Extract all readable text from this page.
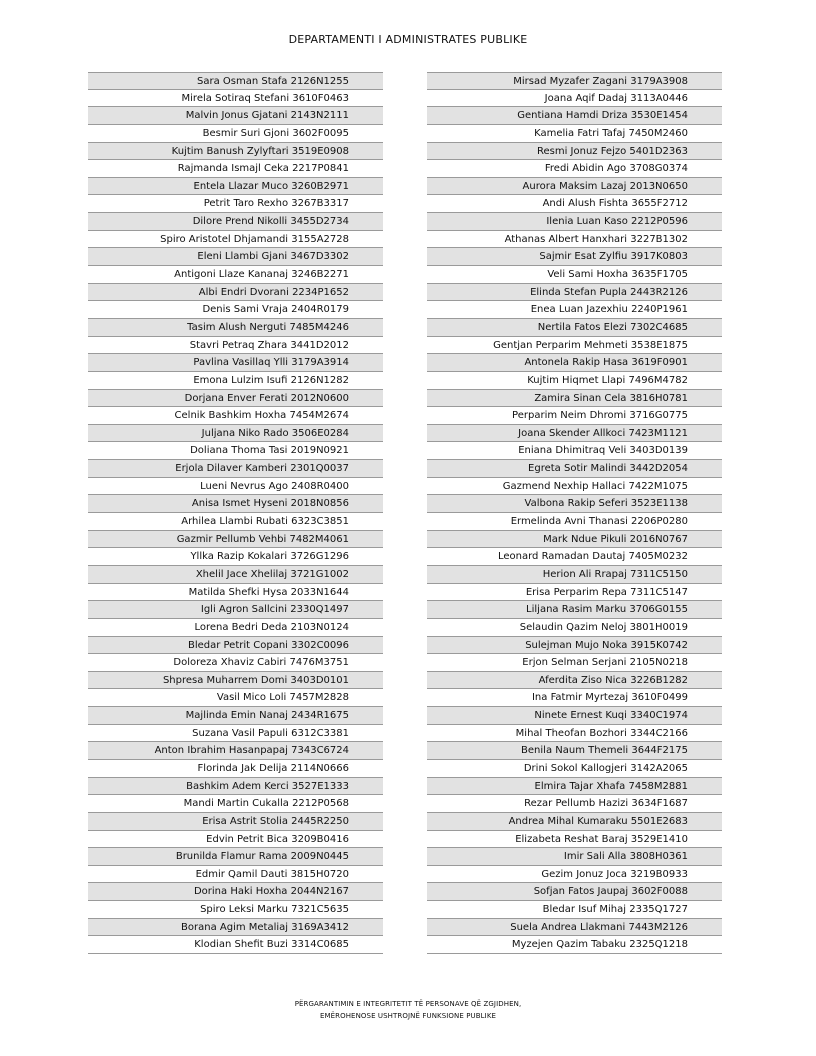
DEPARTAMENTI I ADMINISTRATES PUBLIKE
Sara Osman Stafa 2126N1255
Mirela Sotiraq Stefani 3610F0463
Malvin Jonus Gjatani 2143N2111
Besmir Suri Gjoni 3602F0095
Kujtim Banush Zylyftari 3519E0908
Rajmanda Ismajl Ceka 2217P0841
Entela Llazar Muco 3260B2971
Petrit Taro Rexho 3267B3317
Dilore Prend Nikolli 3455D2734
Spiro Aristotel Dhjamandi 3155A2728
Eleni Llambi Gjani 3467D3302
Antigoni Llaze Kananaj 3246B2271
Albi Endri Dvorani 2234P1652
Denis Sami Vraja 2404R0179
Tasim Alush Nerguti 7485M4246
Stavri Petraq Zhara 3441D2012
Pavlina Vasillaq Ylli 3179A3914
Emona Lulzim Isufi 2126N1282
Dorjana Enver Ferati 2012N0600
Celnik Bashkim Hoxha 7454M2674
Juljana Niko Rado 3506E0284
Doliana Thoma Tasi 2019N0921
Erjola Dilaver Kamberi 2301Q0037
Lueni Nevrus Ago 2408R0400
Anisa Ismet Hyseni 2018N0856
Arhilea Llambi Rubati 6323C3851
Gazmir Pellumb Vehbi 7482M4061
Yllka Razip Kokalari 3726G1296
Xhelil Jace Xhelilaj 3721G1002
Matilda Shefki Hysa 2033N1644
Igli Agron Sallcini 2330Q1497
Lorena Bedri Deda 2103N0124
Bledar Petrit Copani 3302C0096
Doloreza Xhaviz Cabiri 7476M3751
Shpresa Muharrem Domi 3403D0101
Vasil Mico Loli 7457M2828
Majlinda Emin Nanaj 2434R1675
Suzana Vasil Papuli 6312C3381
Anton Ibrahim Hasanpapaj 7343C6724
Florinda Jak Delija 2114N0666
Bashkim Adem Kerci 3527E1333
Mandi Martin Cukalla 2212P0568
Erisa Astrit Stolia 2445R2250
Edvin Petrit Bica 3209B0416
Brunilda Flamur Rama 2009N0445
Edmir Qamil Dauti 3815H0720
Dorina Haki Hoxha 2044N2167
Spiro Leksi Marku 7321C5635
Borana Agim Metaliaj 3169A3412
Klodian Shefit Buzi 3314C0685
Mirsad Myzafer Zagani 3179A3908
Joana Aqif Dadaj 3113A0446
Gentiana Hamdi Driza 3530E1454
Kamelia Fatri Tafaj 7450M2460
Resmi Jonuz Fejzo 5401D2363
Fredi Abidin Ago 3708G0374
Aurora Maksim Lazaj 2013N0650
Andi Alush Fishta 3655F2712
Ilenia Luan Kaso 2212P0596
Athanas Albert Hanxhari 3227B1302
Sajmir Esat Zylfiu 3917K0803
Veli Sami Hoxha 3635F1705
Elinda Stefan Pupla 2443R2126
Enea Luan Jazexhiu 2240P1961
Nertila Fatos Elezi 7302C4685
Gentjan Perparim Mehmeti 3538E1875
Antonela Rakip Hasa 3619F0901
Kujtim Hiqmet Llapi 7496M4782
Zamira Sinan Cela 3816H0781
Perparim Neim Dhromi 3716G0775
Joana Skender Allkoci 7423M1121
Eniana Dhimitraq Veli 3403D0139
Egreta Sotir Malindi 3442D2054
Gazmend Nexhip Hallaci 7422M1075
Valbona Rakip Seferi 3523E1138
Ermelinda Avni Thanasi 2206P0280
Mark Ndue Pikuli 2016N0767
Leonard Ramadan Dautaj 7405M0232
Herion Ali Rrapaj 7311C5150
Erisa Perparim Repa 7311C5147
Liljana Rasim Marku 3706G0155
Selaudin Qazim Neloj 3801H0019
Sulejman Mujo Noka 3915K0742
Erjon Selman Serjani 2105N0218
Aferdita Ziso Nica 3226B1282
Ina Fatmir Myrtezaj 3610F0499
Ninete Ernest Kuqi 3340C1974
Mihal Theofan Bozhori 3344C2166
Benila Naum Themeli 3644F2175
Drini Sokol Kallogjeri 3142A2065
Elmira Tajar Xhafa 7458M2881
Rezar Pellumb Hazizi 3634F1687
Andrea Mihal Kumaraku 5501E2683
Elizabeta Reshat Baraj 3529E1410
Imir Sali Alla 3808H0361
Gezim Jonuz Joca 3219B0933
Sofjan Fatos Jaupaj 3602F0088
Bledar Isuf Mihaj 2335Q1727
Suela Andrea Llakmani 7443M2126
Myzejen Qazim Tabaku 2325Q1218
PËRGARANTIMIN E INTEGRITETIT TË PERSONAVE QË ZGJIDHEN,
EMËROHENOSE USHTROJNË FUNKSIONE PUBLIKE
